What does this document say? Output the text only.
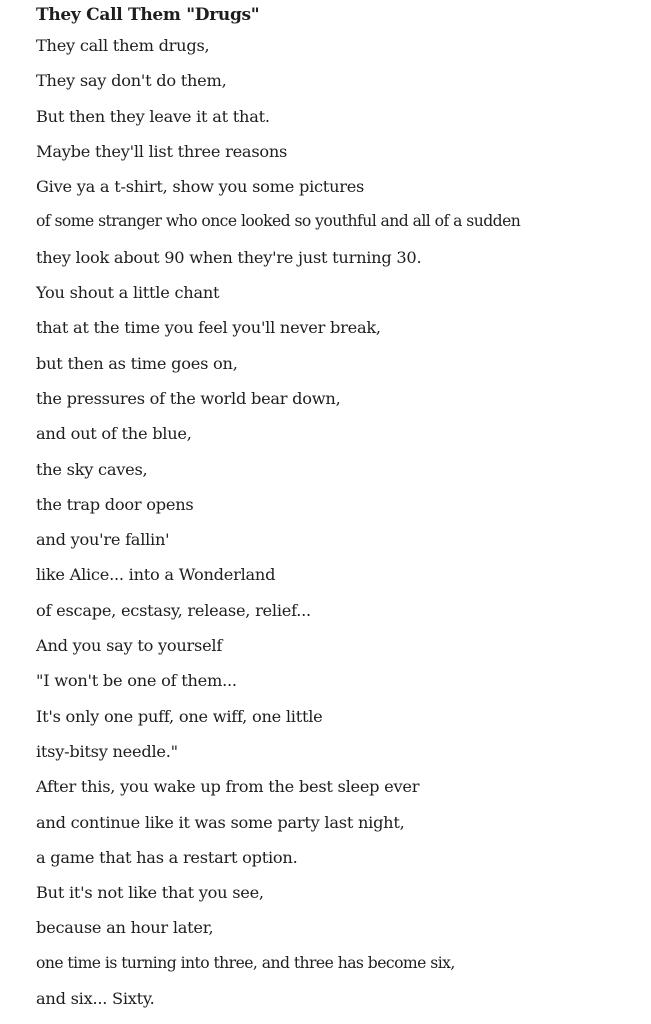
They Call Them "Drugs"
They call them drugs,
They say don't do them,
But then they leave it at that.
Maybe they'll list three reasons
Give ya a t-shirt, show you some pictures
of some stranger who once looked so youthful and all of a sudden
they look about 90 when they're just turning 30.
You shout a little chant
that at the time you feel you'll never break,
but then as time goes on,
the pressures of the world bear down,
and out of the blue,
the sky caves,
the trap door opens
and you're fallin'
like Alice... into a Wonderland
of escape, ecstasy, release, relief...
And you say to yourself
"I won't be one of them...
It's only one puff, one wiff, one little
itsy-bitsy needle."
After this, you wake up from the best sleep ever
and continue like it was some party last night,
a game that has a restart option.
But it's not like that you see,
because an hour later,
one time is turning into three, and three has become six,
and six... Sixty.
